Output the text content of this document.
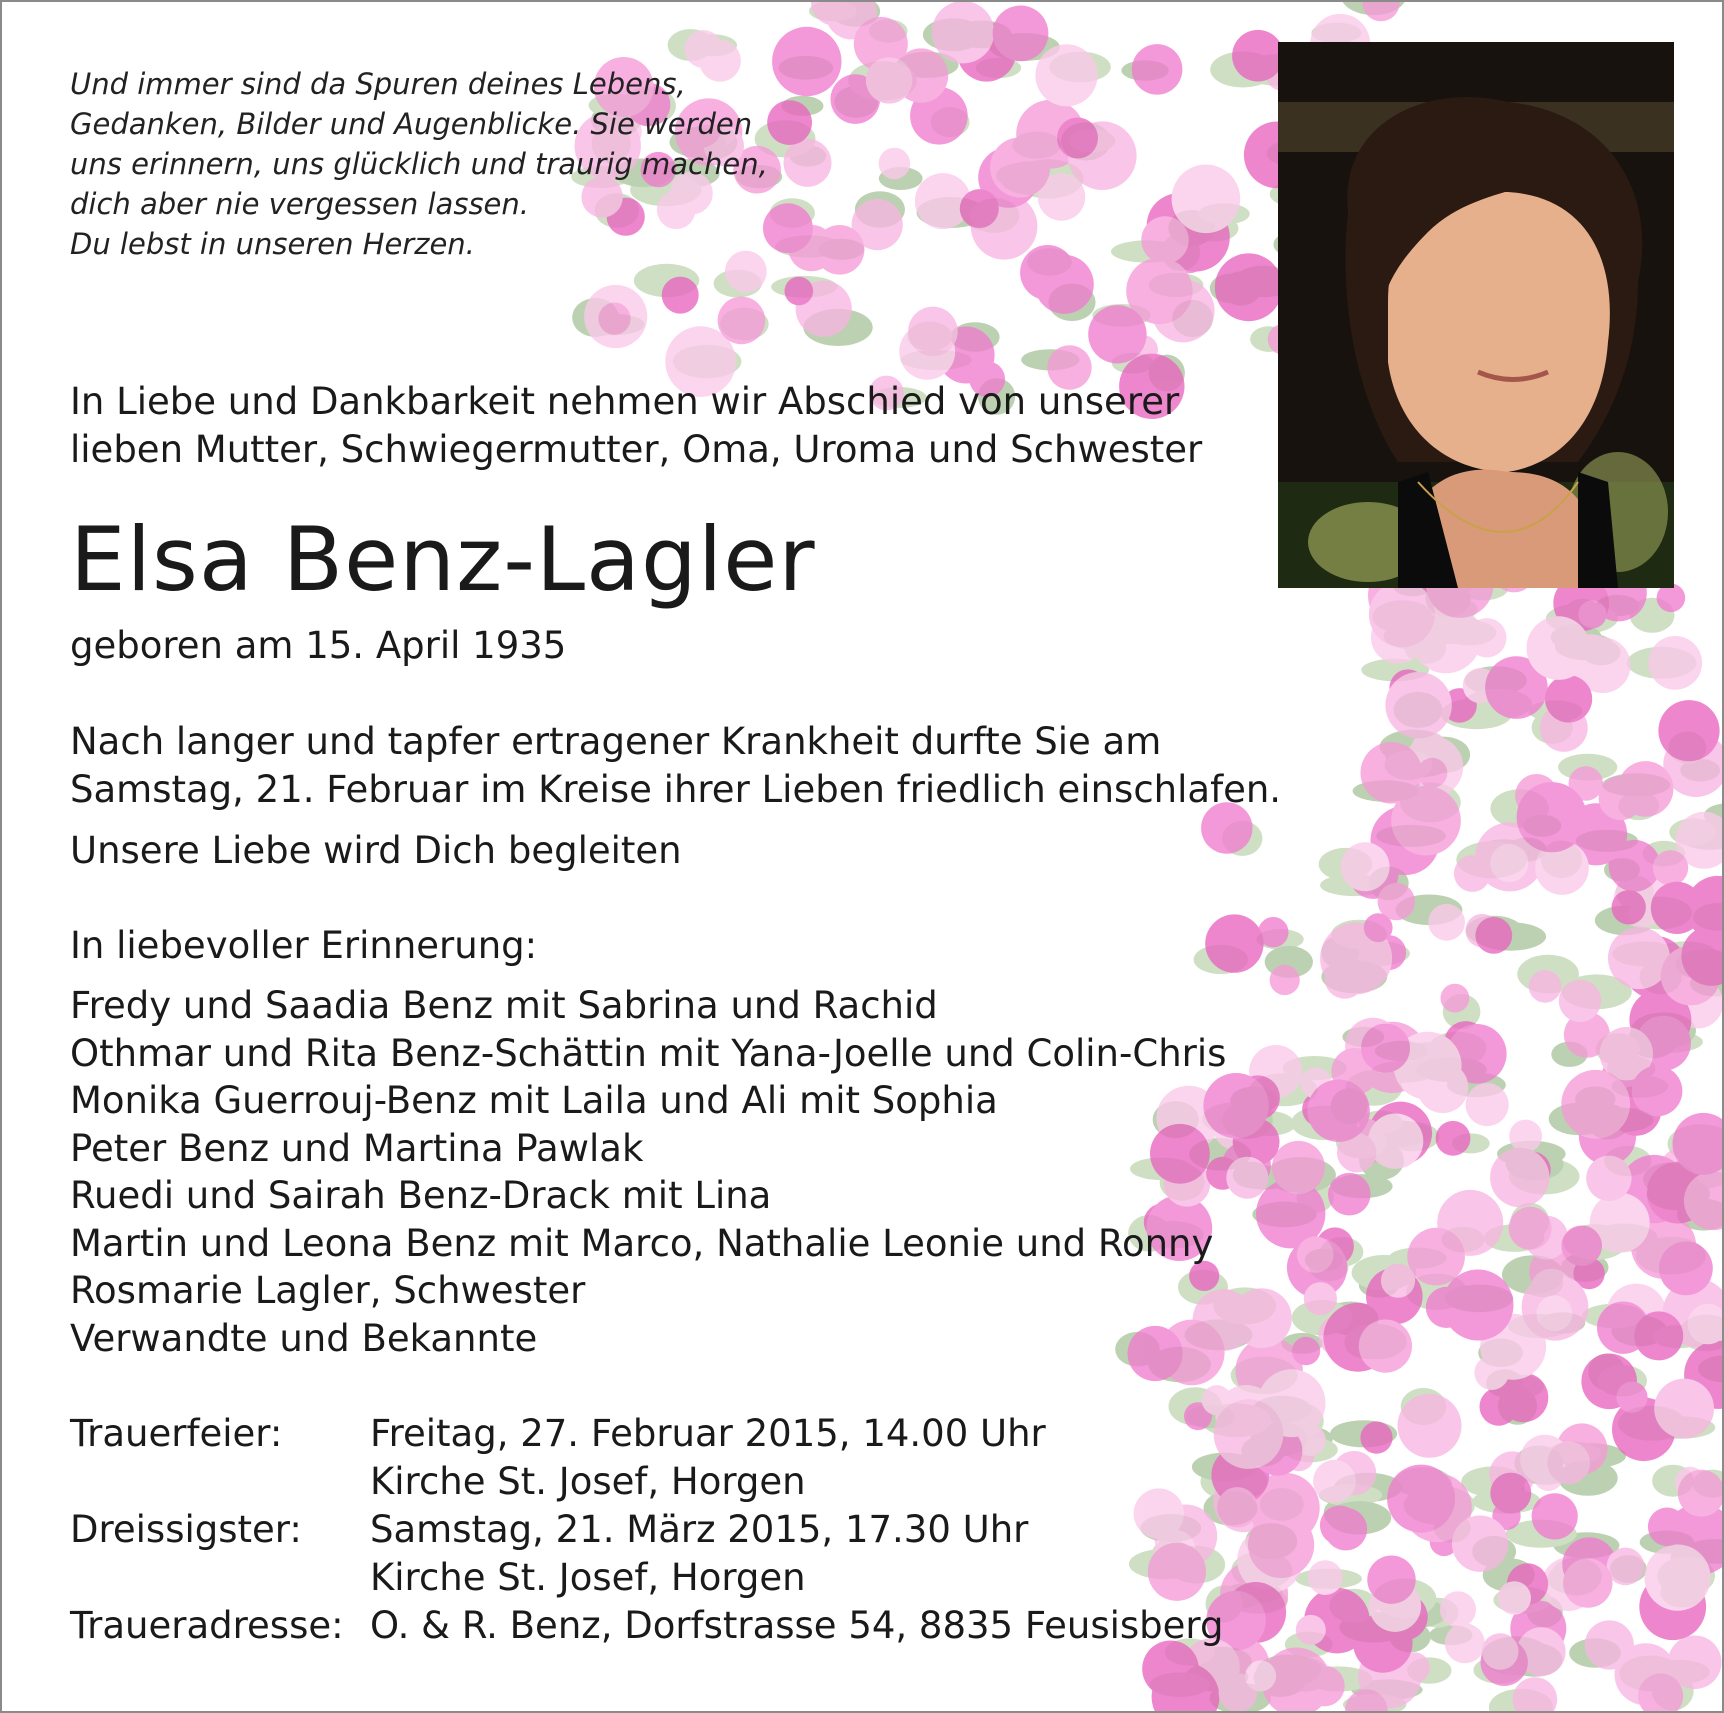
Und immer sind da Spuren deines Lebens,
Gedanken, Bilder und Augenblicke. Sie werden
uns erinnern, uns glücklich und traurig machen,
dich aber nie vergessen lassen.
Du lebst in unseren Herzen.
In Liebe und Dankbarkeit nehmen wir Abschied von unserer
lieben Mutter, Schwiegermutter, Oma, Uroma und Schwester
Elsa Benz-Lagler
geboren am 15. April 1935
Nach langer und tapfer ertragener Krankheit durfte Sie am
Samstag, 21. Februar im Kreise ihrer Lieben friedlich einschlafen.
Unsere Liebe wird Dich begleiten
In liebevoller Erinnerung:
Fredy und Saadia Benz mit Sabrina und Rachid
Othmar und Rita Benz-Schättin mit Yana-Joelle und Colin-Chris
Monika Guerrouj-Benz mit Laila und Ali mit Sophia
Peter Benz und Martina Pawlak
Ruedi und Sairah Benz-Drack mit Lina
Martin und Leona Benz mit Marco, Nathalie Leonie und Ronny
Rosmarie Lagler, Schwester
Verwandte und Bekannte
Trauerfeier:	Freitag, 27. Februar 2015, 14.00 Uhr
Kirche St. Josef, Horgen
Dreissigster:	Samstag, 21. März 2015, 17.30 Uhr
Kirche St. Josef, Horgen
Traueradresse: O. & R. Benz, Dorfstrasse 54, 8835 Feusisberg
